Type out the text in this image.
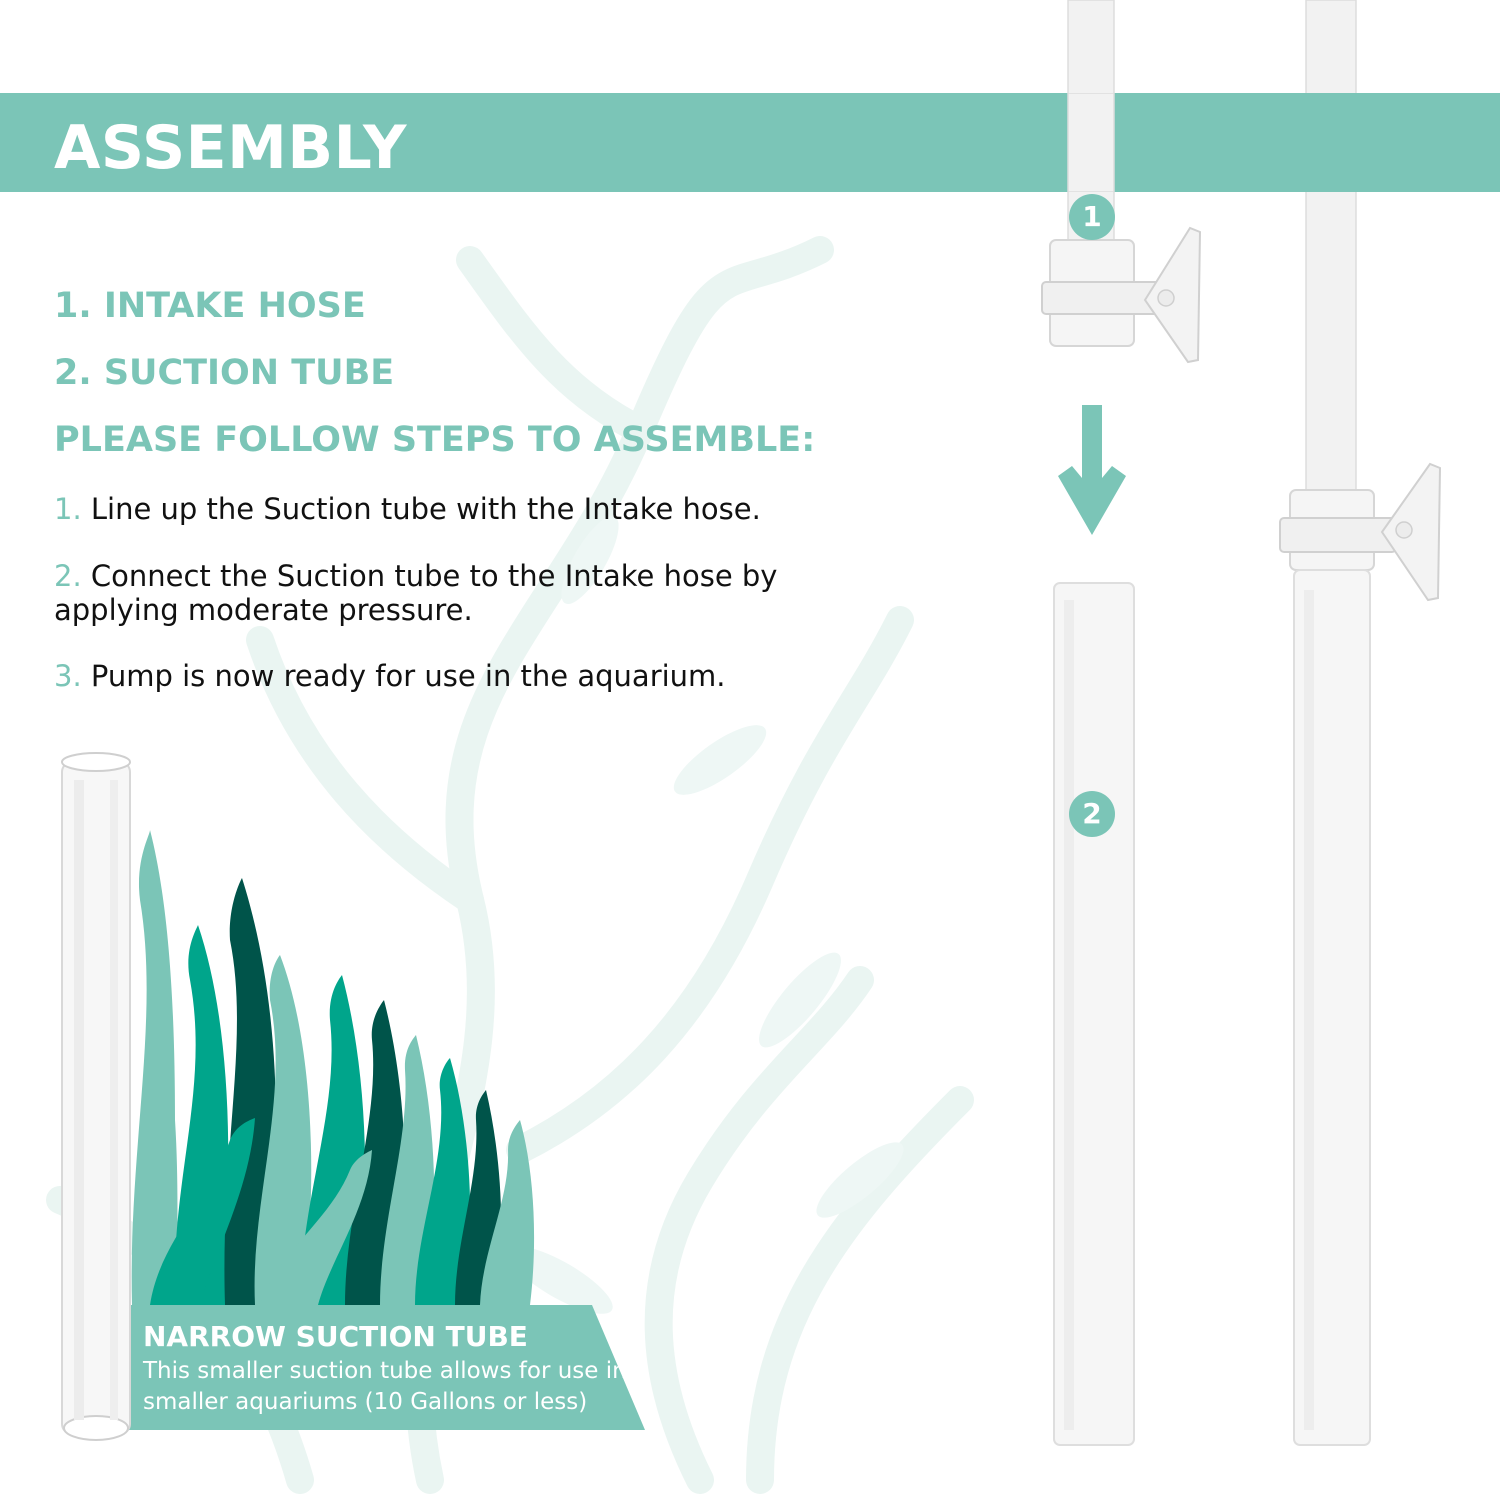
ASSEMBLY
1. INTAKE HOSE
2. SUCTION TUBE
PLEASE FOLLOW STEPS TO ASSEMBLE:

1. Line up the Suction tube with the Intake hose.

2. Connect the Suction tube to the Intake hose by applying moderate pressure.

3. Pump is now ready for use in the aquarium.

NARROW SUCTION TUBE

This smaller suction tube allows for use in smaller aquariums (10 Gallons or less)

1
2
